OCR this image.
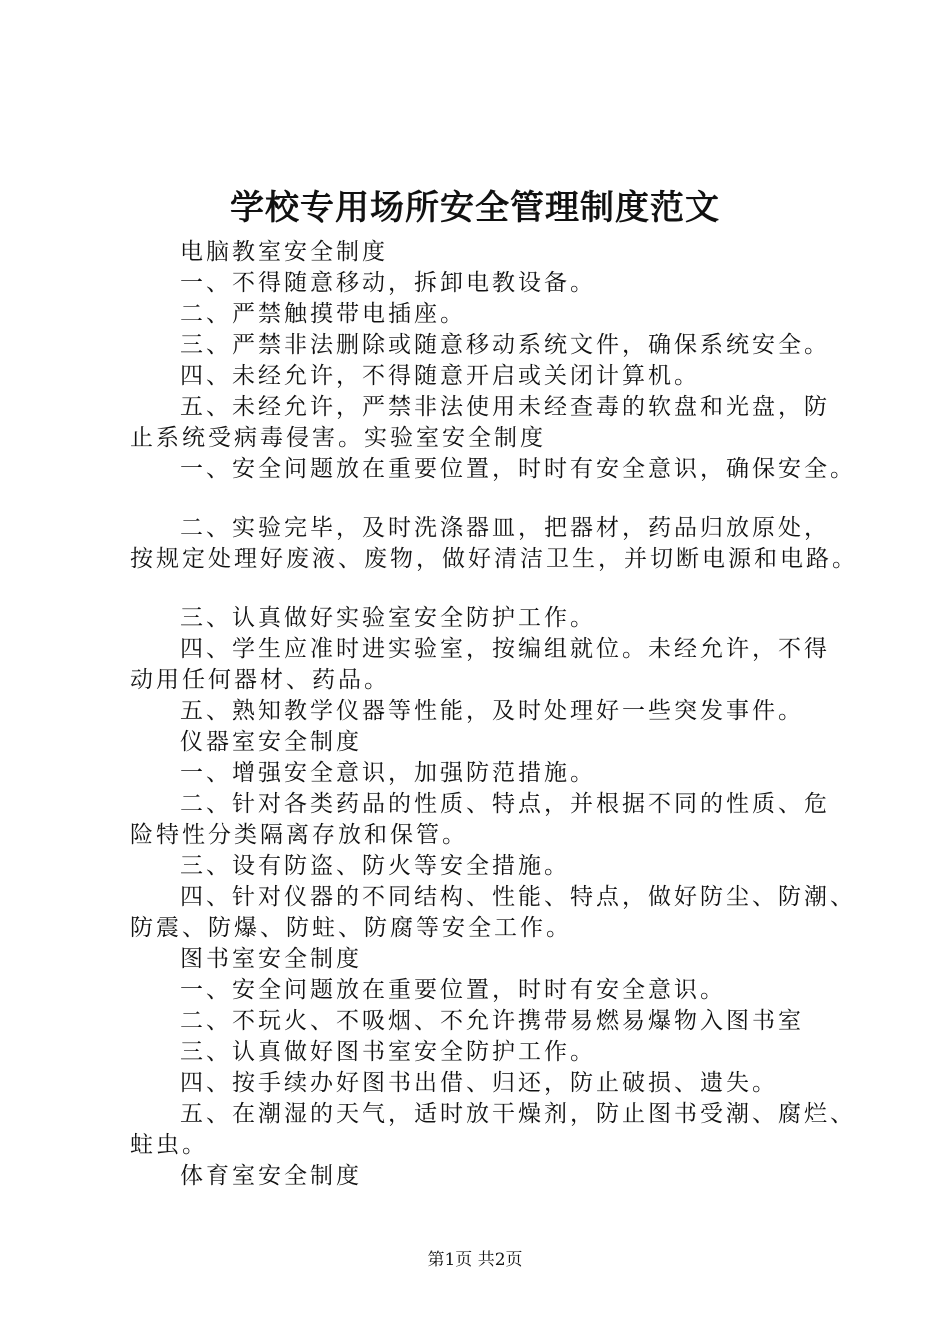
学校专用场所安全管理制度范文
电脑教室安全制度
一、不得随意移动，拆卸电教设备。
二、严禁触摸带电插座。
三、严禁非法删除或随意移动系统文件，确保系统安全。
四、未经允许，不得随意开启或关闭计算机。
五、未经允许，严禁非法使用未经查毒的软盘和光盘，防
止系统受病毒侵害。实验室安全制度
一、安全问题放在重要位置，时时有安全意识，确保安全。
二、实验完毕，及时洗涤器皿，把器材，药品归放原处，
按规定处理好废液、废物，做好清洁卫生，并切断电源和电路。
三、认真做好实验室安全防护工作。
四、学生应准时进实验室，按编组就位。未经允许，不得
动用任何器材、药品。
五、熟知教学仪器等性能，及时处理好一些突发事件。
仪器室安全制度
一、增强安全意识，加强防范措施。
二、针对各类药品的性质、特点，并根据不同的性质、危
险特性分类隔离存放和保管。
三、设有防盗、防火等安全措施。
四、针对仪器的不同结构、性能、特点，做好防尘、防潮、
防震、防爆、防蛀、防腐等安全工作。
图书室安全制度
一、安全问题放在重要位置，时时有安全意识。
二、不玩火、不吸烟、不允许携带易燃易爆物入图书室
三、认真做好图书室安全防护工作。
四、按手续办好图书出借、归还，防止破损、遗失。
五、在潮湿的天气，适时放干燥剂，防止图书受潮、腐烂、
蛀虫。
体育室安全制度
第1页 共2页
